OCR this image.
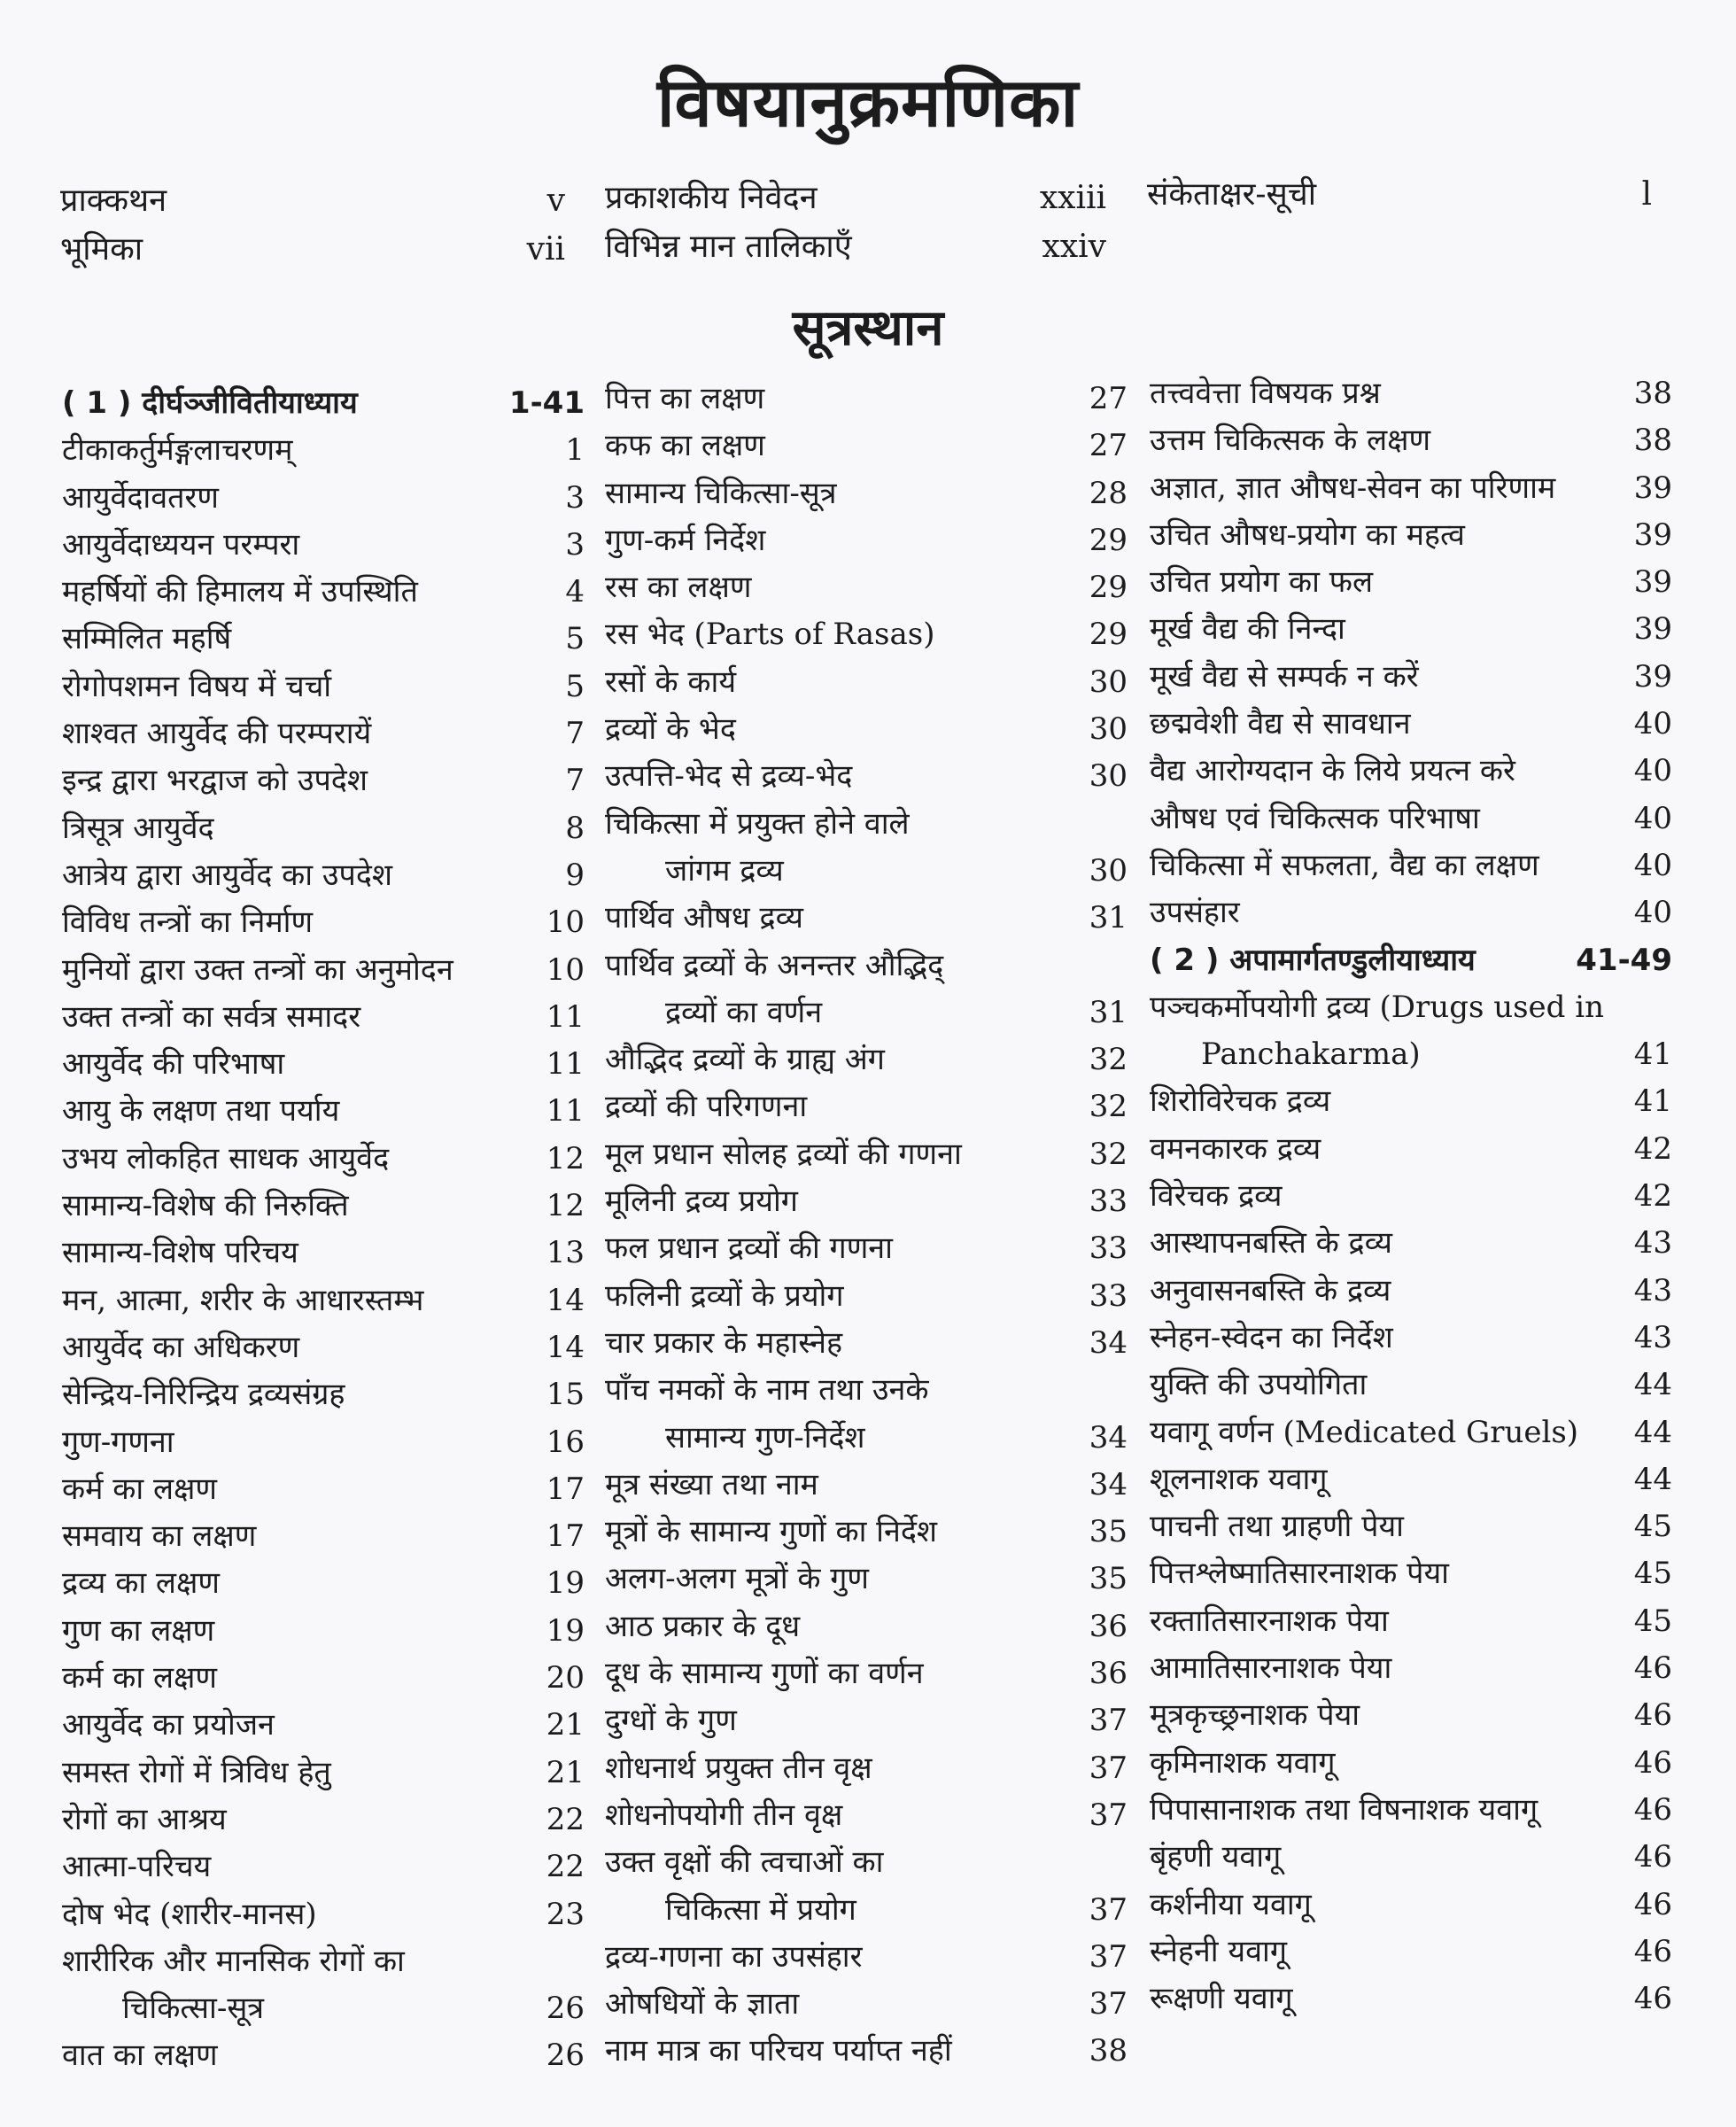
विषयानुक्रमणिका
प्राक्कथन	v
भूमिका	vii
प्रकाशकीय निवेदन	xxiii
विभिन्न मान तालिकाएँ	xxiv
संकेताक्षर-सूची	l
सूत्रस्थान
( 1 ) दीर्घञ्जीवितीयाध्याय	1-41
टीकाकर्तुर्मङ्गलाचरणम्	1
आयुर्वेदावतरण	3
आयुर्वेदाध्ययन परम्परा	3
महर्षियों की हिमालय में उपस्थिति	4
सम्मिलित महर्षि	5
रोगोपशमन विषय में चर्चा	5
शाश्वत आयुर्वेद की परम्परायें	7
इन्द्र द्वारा भरद्वाज को उपदेश	7
त्रिसूत्र आयुर्वेद	8
आत्रेय द्वारा आयुर्वेद का उपदेश	9
विविध तन्त्रों का निर्माण	10
मुनियों द्वारा उक्त तन्त्रों का अनुमोदन	10
उक्त तन्त्रों का सर्वत्र समादर	11
आयुर्वेद की परिभाषा	11
आयु के लक्षण तथा पर्याय	11
उभय लोकहित साधक आयुर्वेद	12
सामान्य-विशेष की निरुक्ति	12
सामान्य-विशेष परिचय	13
मन, आत्मा, शरीर के आधारस्तम्भ	14
आयुर्वेद का अधिकरण	14
सेन्द्रिय-निरिन्द्रिय द्रव्यसंग्रह	15
गुण-गणना	16
कर्म का लक्षण	17
समवाय का लक्षण	17
द्रव्य का लक्षण	19
गुण का लक्षण	19
कर्म का लक्षण	20
आयुर्वेद का प्रयोजन	21
समस्त रोगों में त्रिविध हेतु	21
रोगों का आश्रय	22
आत्मा-परिचय	22
दोष भेद (शारीर-मानस)	23
शारीरिक और मानसिक रोगों का
चिकित्सा-सूत्र	26
वात का लक्षण	26
पित्त का लक्षण	27
कफ का लक्षण	27
सामान्य चिकित्सा-सूत्र	28
गुण-कर्म निर्देश	29
रस का लक्षण	29
रस भेद (Parts of Rasas)	29
रसों के कार्य	30
द्रव्यों के भेद	30
उत्पत्ति-भेद से द्रव्य-भेद	30
चिकित्सा में प्रयुक्त होने वाले
जांगम द्रव्य	30
पार्थिव औषध द्रव्य	31
पार्थिव द्रव्यों के अनन्तर औद्भिद्
द्रव्यों का वर्णन	31
औद्भिद द्रव्यों के ग्राह्य अंग	32
द्रव्यों की परिगणना	32
मूल प्रधान सोलह द्रव्यों की गणना	32
मूलिनी द्रव्य प्रयोग	33
फल प्रधान द्रव्यों की गणना	33
फलिनी द्रव्यों के प्रयोग	33
चार प्रकार के महास्नेह	34
पाँच नमकों के नाम तथा उनके
सामान्य गुण-निर्देश	34
मूत्र संख्या तथा नाम	34
मूत्रों के सामान्य गुणों का निर्देश	35
अलग-अलग मूत्रों के गुण	35
आठ प्रकार के दूध	36
दूध के सामान्य गुणों का वर्णन	36
दुग्धों के गुण	37
शोधनार्थ प्रयुक्त तीन वृक्ष	37
शोधनोपयोगी तीन वृक्ष	37
उक्त वृक्षों की त्वचाओं का
चिकित्सा में प्रयोग	37
द्रव्य-गणना का उपसंहार	37
ओषधियों के ज्ञाता	37
नाम मात्र का परिचय पर्याप्त नहीं	38
तत्त्ववेत्ता विषयक प्रश्न	38
उत्तम चिकित्सक के लक्षण	38
अज्ञात, ज्ञात औषध-सेवन का परिणाम	39
उचित औषध-प्रयोग का महत्व	39
उचित प्रयोग का फल	39
मूर्ख वैद्य की निन्दा	39
मूर्ख वैद्य से सम्पर्क न करें	39
छद्मवेशी वैद्य से सावधान	40
वैद्य आरोग्यदान के लिये प्रयत्न करे	40
औषध एवं चिकित्सक परिभाषा	40
चिकित्सा में सफलता, वैद्य का लक्षण	40
उपसंहार	40
( 2 ) अपामार्गतण्डुलीयाध्याय	41-49
पञ्चकर्मोपयोगी द्रव्य (Drugs used in
Panchakarma)	41
शिरोविरेचक द्रव्य	41
वमनकारक द्रव्य	42
विरेचक द्रव्य	42
आस्थापनबस्ति के द्रव्य	43
अनुवासनबस्ति के द्रव्य	43
स्नेहन-स्वेदन का निर्देश	43
युक्ति की उपयोगिता	44
यवागू वर्णन (Medicated Gruels) 44
शूलनाशक यवागू	44
पाचनी तथा ग्राहणी पेया	45
पित्तश्लेष्मातिसारनाशक पेया	45
रक्तातिसारनाशक पेया	45
आमातिसारनाशक पेया	46
मूत्रकृच्छ्रनाशक पेया	46
कृमिनाशक यवागू	46
पिपासानाशक तथा विषनाशक यवागू	46
बृंहणी यवागू	46
कर्शनीया यवागू	46
स्नेहनी यवागू	46
रूक्षणी यवागू	46
